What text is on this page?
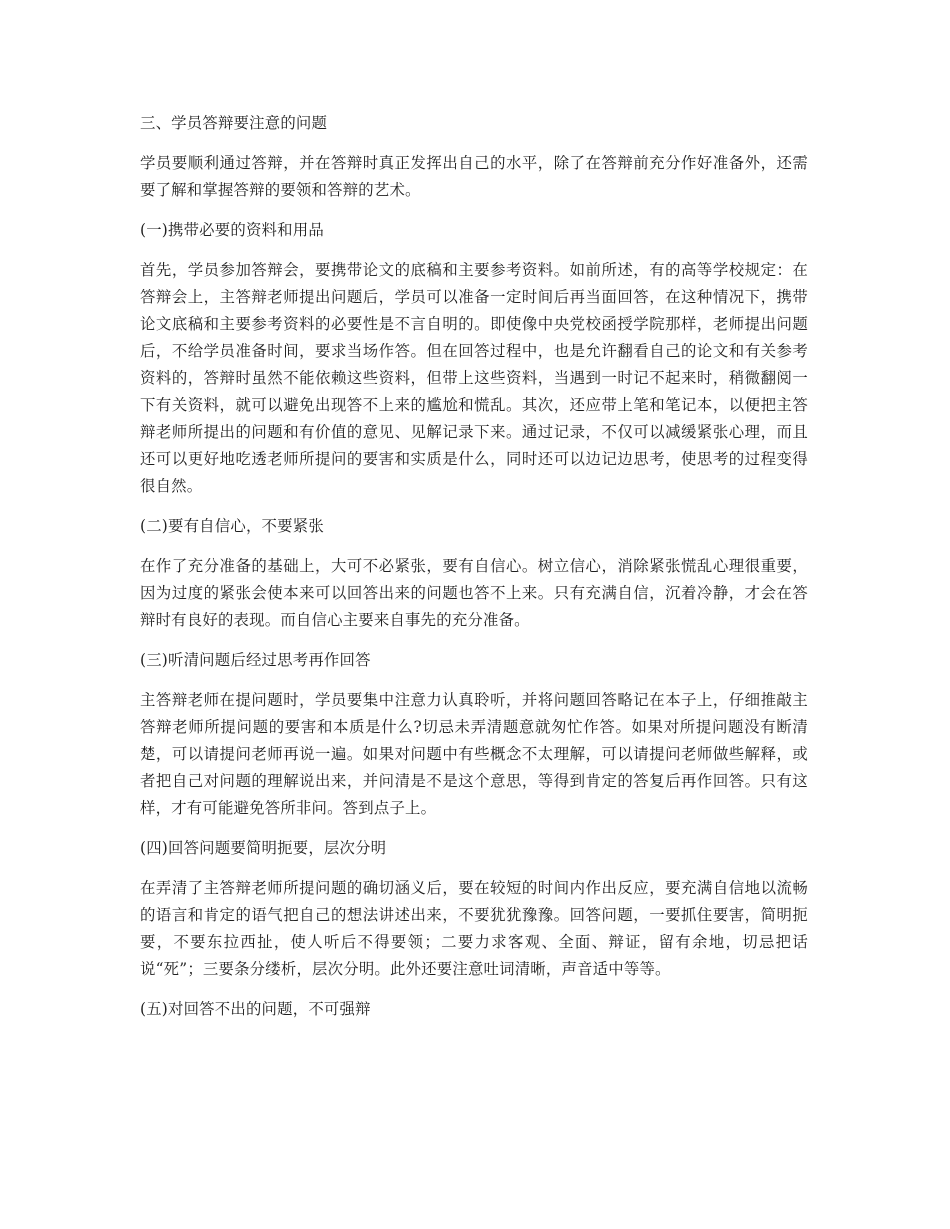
三、学员答辩要注意的问题
学员要顺利通过答辩，并在答辩时真正发挥出自己的水平，除了在答辩前充分作好准备外，还需要了解和掌握答辩的要领和答辩的艺术。
(一)携带必要的资料和用品
首先，学员参加答辩会，要携带论文的底稿和主要参考资料。如前所述，有的高等学校规定：在答辩会上，主答辩老师提出问题后，学员可以准备一定时间后再当面回答，在这种情况下，携带论文底稿和主要参考资料的必要性是不言自明的。即使像中央党校函授学院那样，老师提出问题后，不给学员准备时间，要求当场作答。但在回答过程中，也是允许翻看自己的论文和有关参考资料的，答辩时虽然不能依赖这些资料，但带上这些资料，当遇到一时记不起来时，稍微翻阅一下有关资料，就可以避免出现答不上来的尴尬和慌乱。其次，还应带上笔和笔记本，以便把主答辩老师所提出的问题和有价值的意见、见解记录下来。通过记录，不仅可以减缓紧张心理，而且还可以更好地吃透老师所提问的要害和实质是什么，同时还可以边记边思考，使思考的过程变得很自然。
(二)要有自信心，不要紧张
在作了充分准备的基础上，大可不必紧张，要有自信心。树立信心，消除紧张慌乱心理很重要，因为过度的紧张会使本来可以回答出来的问题也答不上来。只有充满自信，沉着冷静，才会在答辩时有良好的表现。而自信心主要来自事先的充分准备。
(三)听清问题后经过思考再作回答
主答辩老师在提问题时，学员要集中注意力认真聆听，并将问题回答略记在本子上，仔细推敲主答辩老师所提问题的要害和本质是什么?切忌未弄清题意就匆忙作答。如果对所提问题没有断清楚，可以请提问老师再说一遍。如果对问题中有些概念不太理解，可以请提问老师做些解释，或者把自己对问题的理解说出来，并问清是不是这个意思，等得到肯定的答复后再作回答。只有这样，才有可能避免答所非问。答到点子上。
(四)回答问题要简明扼要，层次分明
在弄清了主答辩老师所提问题的确切涵义后，要在较短的时间内作出反应，要充满自信地以流畅的语言和肯定的语气把自己的想法讲述出来，不要犹犹豫豫。回答问题，一要抓住要害，简明扼要，不要东拉西扯，使人听后不得要领；二要力求客观、全面、辩证，留有余地，切忌把话说“死”；三要条分缕析，层次分明。此外还要注意吐词清晰，声音适中等等。
(五)对回答不出的问题，不可强辩
